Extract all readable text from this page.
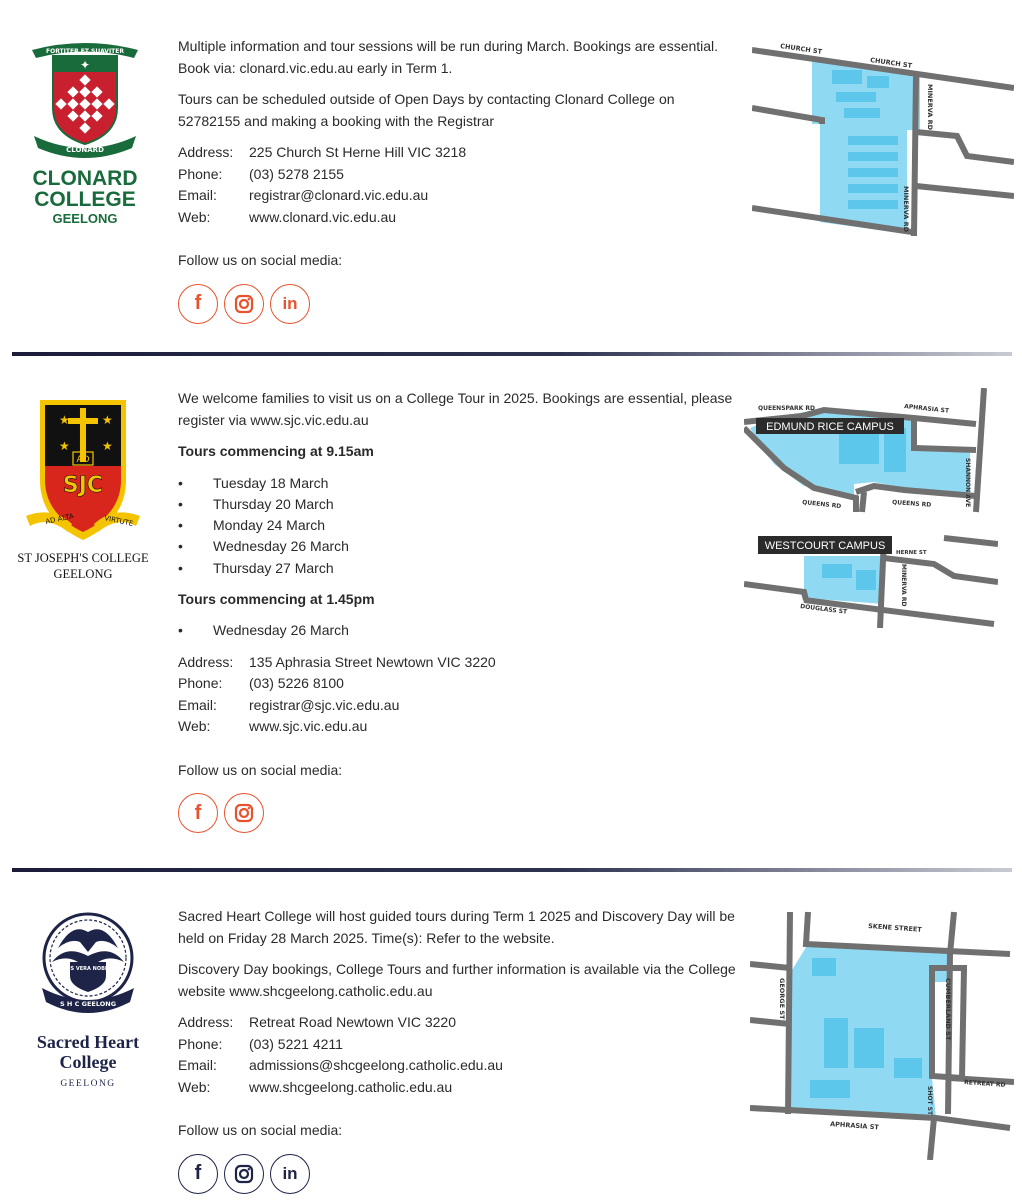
FORTITER ET SUAVITER
✦
CLONARD
CLONARD
COLLEGE
GEELONG

Multiple information and tour sessions will be run during March. Bookings are essential. Book via: clonard.vic.edu.au early in Term 1.

Tours can be scheduled outside of Open Days by contacting Clonard College on 52782155 and making a booking with the Registrar

Address:	225 Church St Herne Hill VIC 3218
Phone:	(03) 5278 2155
Email:	registrar@clonard.vic.edu.au
Web:	www.clonard.vic.edu.au
Follow us on social media:
f	in
CHURCH ST
CHURCH ST
MINERVA RD
MINERVA RD
★	★
★	★
AD
SJC
AD ALTA	VIRTUTE
ST JOSEPH'S COLLEGE
GEELONG

We welcome families to visit us on a College Tour in 2025. Bookings are essential, please register via www.sjc.vic.edu.au

Tours commencing at 9.15am
• Tuesday 18 March
• Thursday 20 March
• Monday 24 March
• Wednesday 26 March
• Thursday 27 March
Tours commencing at 1.45pm
• Wednesday 26 March
Address:	135 Aphrasia Street Newtown VIC 3220
Phone:	(03) 5226 8100
Email:	registrar@sjc.vic.edu.au
Web:	www.sjc.vic.edu.au
Follow us on social media:
f
EDMUND RICE CAMPUS
QUEENSPARK RD	APHRASIA ST
QUEENS RD	QUEENS RD	SHANNON AVE
WESTCOURT CAMPUS
HERNE ST
MINERVA RD
DOUGLASS ST
VIRTUS VERA NOBILITAS
S H C GEELONG
Sacred Heart
College
GEELONG

Sacred Heart College will host guided tours during Term 1 2025 and Discovery Day will be held on Friday 28 March 2025. Time(s): Refer to the website.

Discovery Day bookings, College Tours and further information is available via the College website www.shcgeelong.catholic.edu.au

Address:	Retreat Road Newtown VIC 3220
Phone:	(03) 5221 4211
Email:	admissions@shcgeelong.catholic.edu.au
Web:	www.shcgeelong.catholic.edu.au
Follow us on social media:
f	in
SKENE STREET
GEORGE ST	CUMBERLAND ST
RETREAT RD
SHOT ST
APHRASIA ST
